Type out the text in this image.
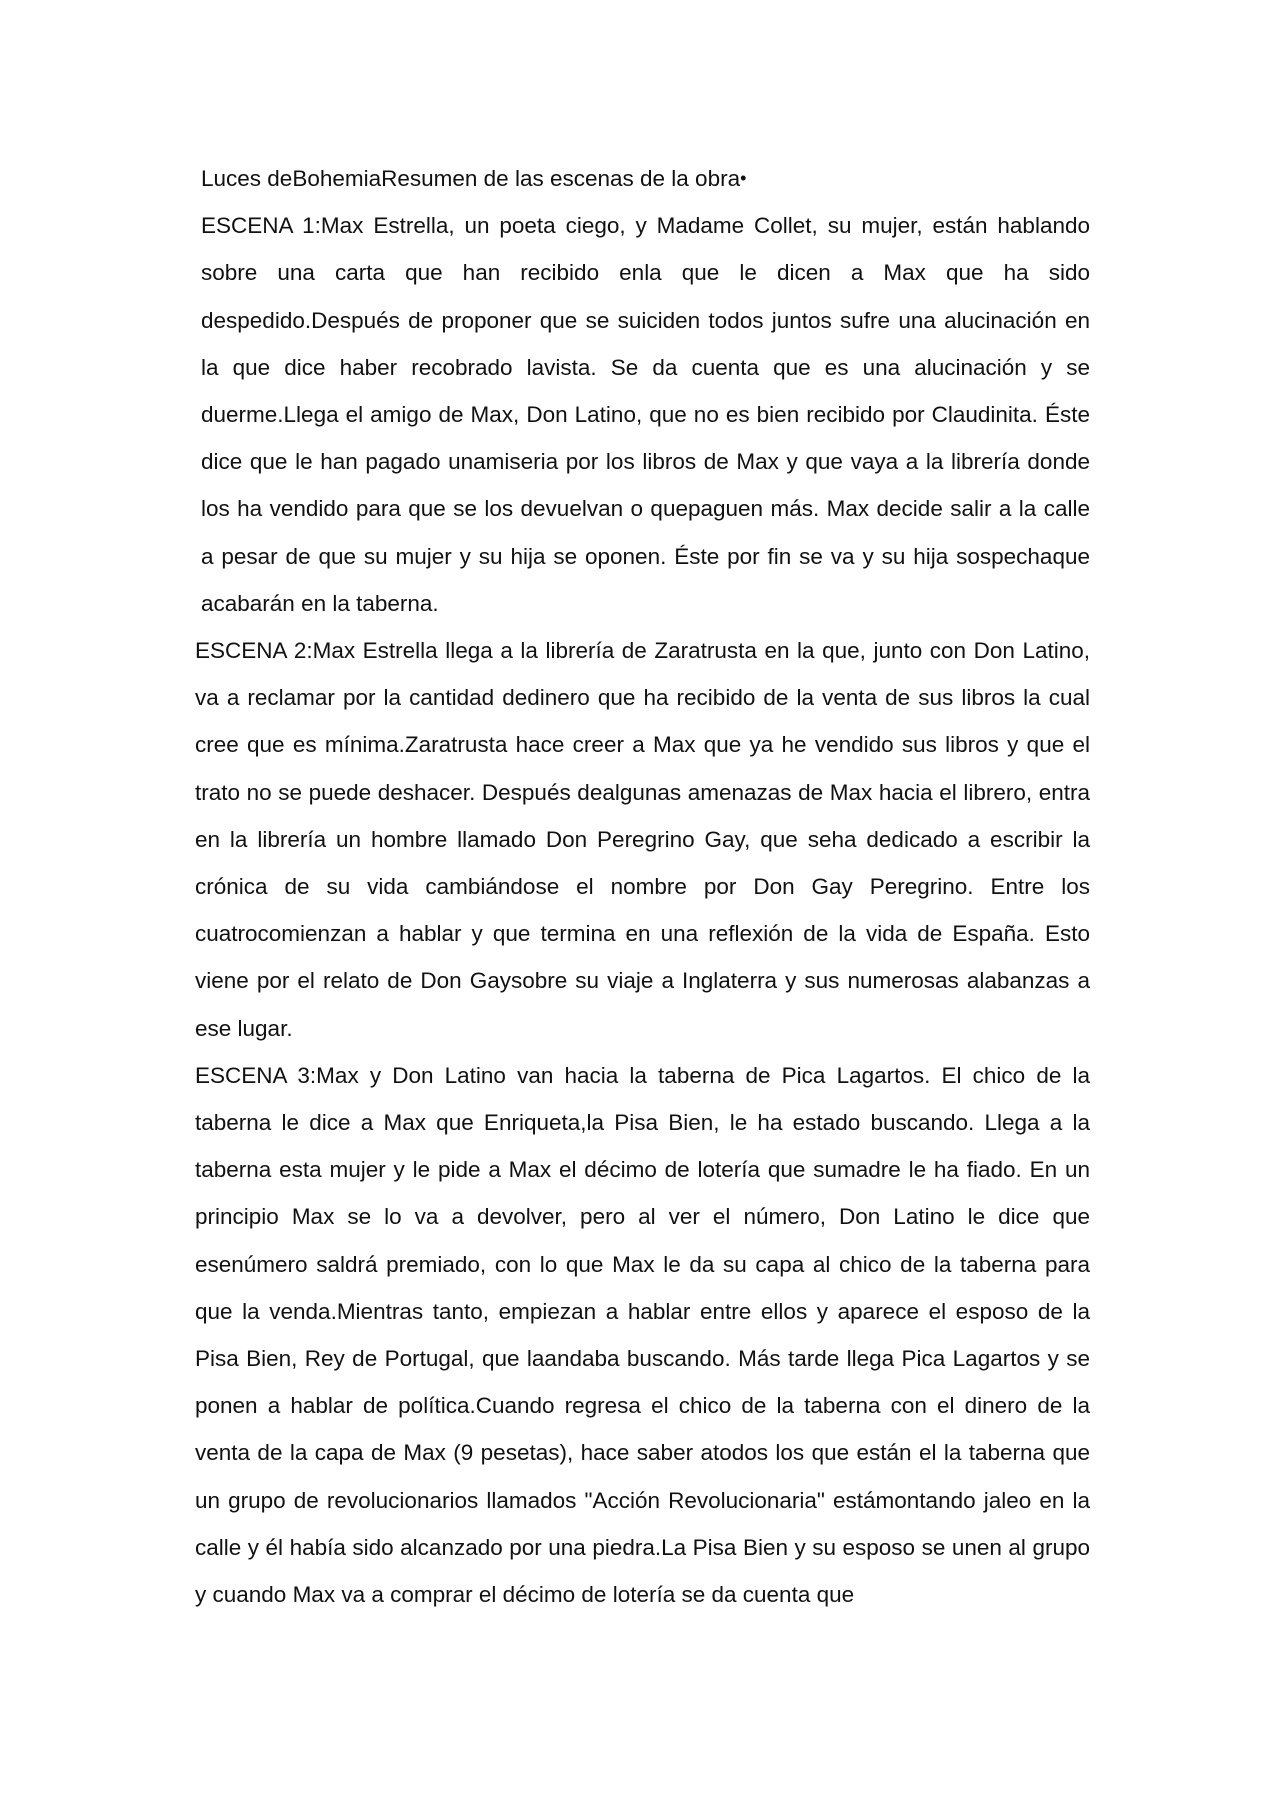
Luces deBohemiaResumen de las escenas de la obra•

ESCENA 1:Max Estrella, un poeta ciego, y Madame Collet, su mujer, están hablando sobre una carta que han recibido enla que le dicen a Max que ha sido despedido.Después de proponer que se suiciden todos juntos sufre una alucinación en la que dice haber recobrado lavista. Se da cuenta que es una alucinación y se duerme.Llega el amigo de Max, Don Latino, que no es bien recibido por Claudinita. Éste dice que le han pagado unamiseria por los libros de Max y que vaya a la librería donde los ha vendido para que se los devuelvan o quepaguen más. Max decide salir a la calle a pesar de que su mujer y su hija se oponen. Éste por fin se va y su hija sospechaque acabarán en la taberna.

ESCENA 2:Max Estrella llega a la librería de Zaratrusta en la que, junto con Don Latino, va a reclamar por la cantidad dedinero que ha recibido de la venta de sus libros la cual cree que es mínima.Zaratrusta hace creer a Max que ya he vendido sus libros y que el trato no se puede deshacer. Después dealgunas amenazas de Max hacia el librero, entra en la librería un hombre llamado Don Peregrino Gay, que seha dedicado a escribir la crónica de su vida cambiándose el nombre por Don Gay Peregrino. Entre los cuatrocomienzan a hablar y que termina en una reflexión de la vida de España. Esto viene por el relato de Don Gaysobre su viaje a Inglaterra y sus numerosas alabanzas a ese lugar.

ESCENA 3:Max y Don Latino van hacia la taberna de Pica Lagartos. El chico de la taberna le dice a Max que Enriqueta,la Pisa Bien, le ha estado buscando. Llega a la taberna esta mujer y le pide a Max el décimo de lotería que sumadre le ha fiado. En un principio Max se lo va a devolver, pero al ver el número, Don Latino le dice que esenúmero saldrá premiado, con lo que Max le da su capa al chico de la taberna para que la venda.Mientras tanto, empiezan a hablar entre ellos y aparece el esposo de la Pisa Bien, Rey de Portugal, que laandaba buscando. Más tarde llega Pica Lagartos y se ponen a hablar de política.Cuando regresa el chico de la taberna con el dinero de la venta de la capa de Max (9 pesetas), hace saber atodos los que están el la taberna que un grupo de revolucionarios llamados "Acción Revolucionaria" estámontando jaleo en la calle y él había sido alcanzado por una piedra.La Pisa Bien y su esposo se unen al grupo y cuando Max va a comprar el décimo de lotería se da cuenta que
